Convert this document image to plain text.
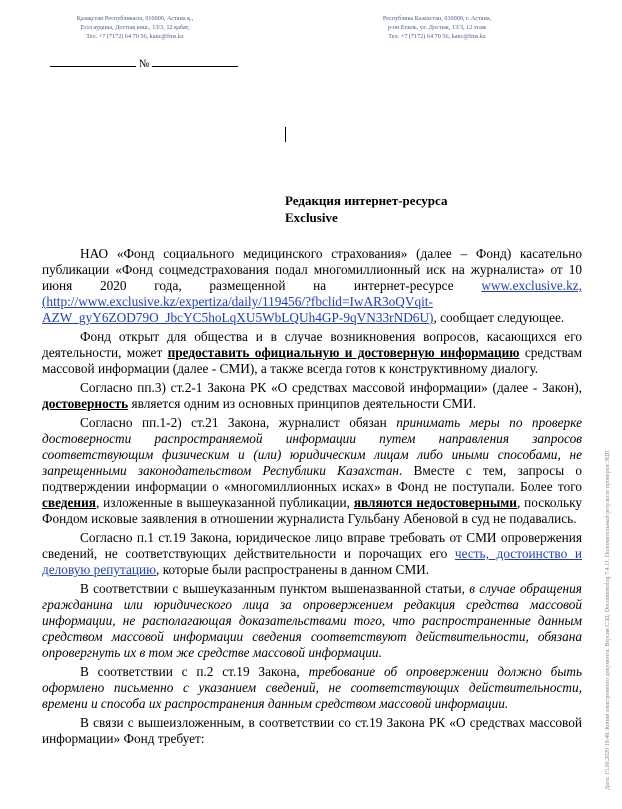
Қазақстан Республикасы, 010000, Астана қ.,
Есіл ауданы, Достық көш., 13/3, 12 қабат,
Тел. +7 (7172) 64 70 56, kanc@fms.kz
Республика Казахстан, 010000, г. Астана,
р-он Есиль, ул. Достык, 13/3, 12 этаж
Тел. +7 (7172) 64 70 56, kanc@fms.kz
№
Редакция интернет-ресурса
Exclusive
Дата: 15.06.2020 19:48. Копия электронного документа. Версия СЭД: Documentolog 7.4.11. Положительный результат проверки ЭЦП

НАО «Фонд социального медицинского страхования» (далее – Фонд) касательно публикации «Фонд соцмедстрахования подал многомиллионный иск на журналиста» от 10 июня 2020 года, размещенной на интернет-ресурсе www.exclusive.kz,(http://www.exclusive.kz/expertiza/daily/119456/?fbclid=IwAR3oQVqit-AZW_gyY6ZOD79O_JbcYC5hoLqXU5WbLQUh4GP-9qVN33rND6U), сообщает следующее.

Фонд открыт для общества и в случае возникновения вопросов, касающихся его деятельности, может предоставить официальную и достоверную информацию средствам массовой информации (далее - СМИ), а также всегда готов к конструктивному диалогу.

Согласно пп.3) ст.2-1 Закона РК «О средствах массовой информации» (далее - Закон), достоверность является одним из основных принципов деятельности СМИ.

Согласно пп.1-2) ст.21 Закона, журналист обязан принимать меры по проверке достоверности распространяемой информации путем направления запросов соответствующим физическим и (или) юридическим лицам либо иными способами, не запрещенными законодательством Республики Казахстан. Вместе с тем, запросы о подтверждении информации о «многомиллионных исках» в Фонд не поступали. Более того сведения, изложенные в вышеуказанной публикации, являются недостоверными, поскольку Фондом исковые заявления в отношении журналиста Гульбану Абеновой в суд не подавались.

Согласно п.1 ст.19 Закона, юридическое лицо вправе требовать от СМИ опровержения сведений, не соответствующих действительности и порочащих его честь, достоинство и деловую репутацию, которые были распространены в данном СМИ.

В соответствии с вышеуказанным пунктом вышеназванной статьи, в случае обращения гражданина или юридического лица за опровержением редакция средства массовой информации, не располагающая доказательствами того, что распространенные данным средством массовой информации сведения соответствуют действительности, обязана опровергнуть их в том же средстве массовой информации.

В соответствии с п.2 ст.19 Закона, требование об опровержении должно быть оформлено письменно с указанием сведений, не соответствующих действительности, времени и способа их распространения данным средством массовой информации.

В связи с вышеизложенным, в соответствии со ст.19 Закона РК «О средствах массовой информации» Фонд требует:
